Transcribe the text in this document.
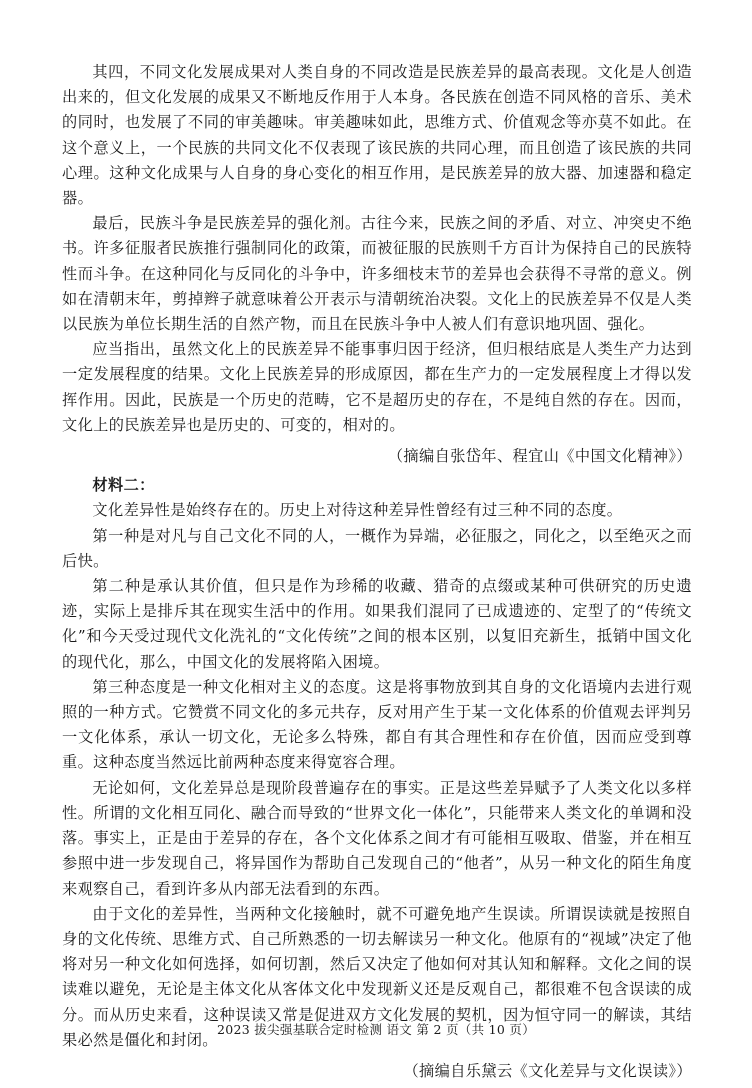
其四，不同文化发展成果对人类自身的不同改造是民族差异的最高表现。文化是人创造出来的，但文化发展的成果又不断地反作用于人本身。各民族在创造不同风格的音乐、美术的同时，也发展了不同的审美趣味。审美趣味如此，思维方式、价值观念等亦莫不如此。在这个意义上，一个民族的共同文化不仅表现了该民族的共同心理，而且创造了该民族的共同心理。这种文化成果与人自身的身心变化的相互作用，是民族差异的放大器、加速器和稳定器。

最后，民族斗争是民族差异的强化剂。古往今来，民族之间的矛盾、对立、冲突史不绝书。许多征服者民族推行强制同化的政策，而被征服的民族则千方百计为保持自己的民族特性而斗争。在这种同化与反同化的斗争中，许多细枝末节的差异也会获得不寻常的意义。例如在清朝末年，剪掉辫子就意味着公开表示与清朝统治决裂。文化上的民族差异不仅是人类以民族为单位长期生活的自然产物，而且在民族斗争中人被人们有意识地巩固、强化。

应当指出，虽然文化上的民族差异不能事事归因于经济，但归根结底是人类生产力达到一定发展程度的结果。文化上民族差异的形成原因，都在生产力的一定发展程度上才得以发挥作用。因此，民族是一个历史的范畴，它不是超历史的存在，不是纯自然的存在。因而，文化上的民族差异也是历史的、可变的，相对的。

（摘编自张岱年、程宜山《中国文化精神》）

材料二：

文化差异性是始终存在的。历史上对待这种差异性曾经有过三种不同的态度。

第一种是对凡与自己文化不同的人，一概作为异端，必征服之，同化之，以至绝灭之而后快。

第二种是承认其价值，但只是作为珍稀的收藏、猎奇的点缀或某种可供研究的历史遗迹，实际上是排斥其在现实生活中的作用。如果我们混同了已成遗迹的、定型了的“传统文化”和今天受过现代文化洗礼的“文化传统”之间的根本区别，以复旧充新生，抵销中国文化的现代化，那么，中国文化的发展将陷入困境。

第三种态度是一种文化相对主义的态度。这是将事物放到其自身的文化语境内去进行观照的一种方式。它赞赏不同文化的多元共存，反对用产生于某一文化体系的价值观去评判另一文化体系，承认一切文化，无论多么特殊，都自有其合理性和存在价值，因而应受到尊重。这种态度当然远比前两种态度来得宽容合理。

无论如何，文化差异总是现阶段普遍存在的事实。正是这些差异赋予了人类文化以多样性。所谓的文化相互同化、融合而导致的“世界文化一体化”，只能带来人类文化的单调和没落。事实上，正是由于差异的存在，各个文化体系之间才有可能相互吸取、借鉴，并在相互参照中进一步发现自己，将异国作为帮助自己发现自己的“他者”，从另一种文化的陌生角度来观察自己，看到许多从内部无法看到的东西。

由于文化的差异性，当两种文化接触时，就不可避免地产生误读。所谓误读就是按照自身的文化传统、思维方式、自己所熟悉的一切去解读另一种文化。他原有的“视域”决定了他将对另一种文化如何选择，如何切割，然后又决定了他如何对其认知和解释。文化之间的误读难以避免，无论是主体文化从客体文化中发现新义还是反观自己，都很难不包含误读的成分。而从历史来看，这种误读又常是促进双方文化发展的契机，因为恒守同一的解读，其结果必然是僵化和封闭。

（摘编自乐黛云《文化差异与文化误读》）

2023 拔尖强基联合定时检测 语文 第 2 页（共 10 页）
